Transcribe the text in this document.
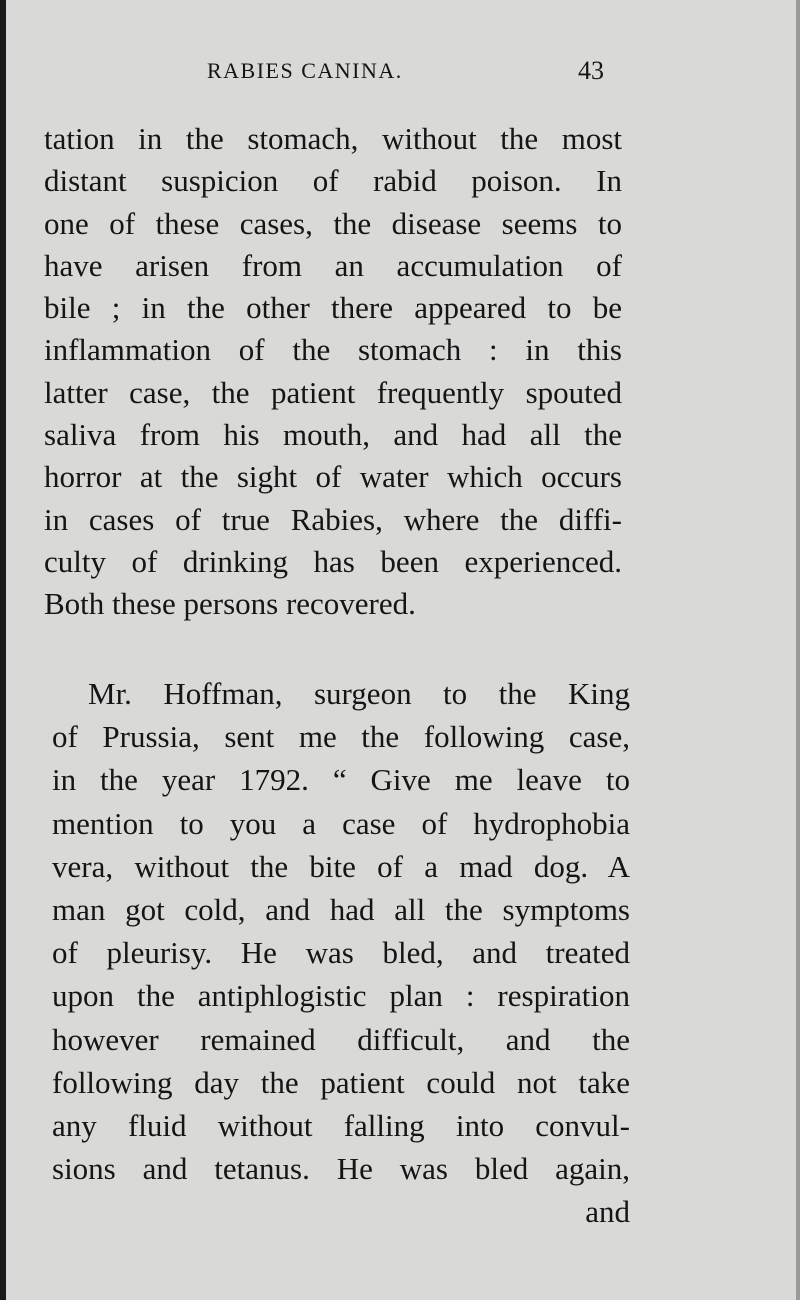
RABIES CANINA.	43
tation in the stomach, without the most
distant suspicion of rabid poison. In
one of these cases, the disease seems to
have arisen from an accumulation of
bile ; in the other there appeared to be
inflammation of the stomach : in this
latter case, the patient frequently spouted
saliva from his mouth, and had all the
horror at the sight of water which occurs
in cases of true Rabies, where the diffi-
culty of drinking has been experienced.
Both these persons recovered.
Mr. Hoffman, surgeon to the King
of Prussia, sent me the following case,
in the year 1792. “ Give me leave to
mention to you a case of hydrophobia
vera, without the bite of a mad dog. A
man got cold, and had all the symptoms
of pleurisy. He was bled, and treated
upon the antiphlogistic plan : respiration
however remained difficult, and the
following day the patient could not take
any fluid without falling into convul-
sions and tetanus. He was bled again,
and
